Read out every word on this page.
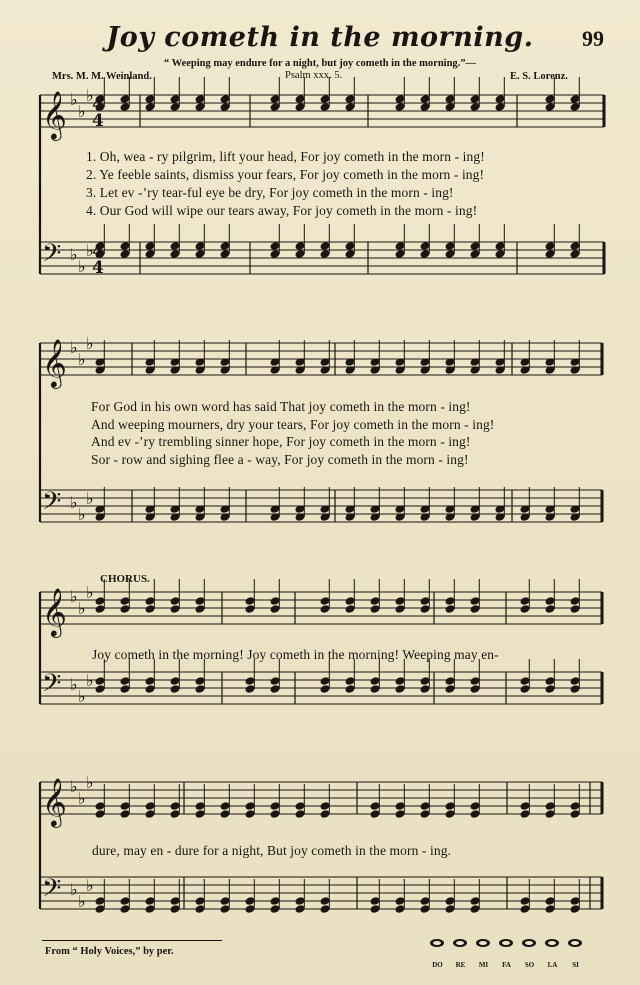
Joy cometh in the morning.	99
“ Weeping may endure for a night, but joy cometh in the morning.”—
Mrs. M. M. Weinland.	Psalm xxx. 5.	E. S. Lorenz.
𝄞 ♭
♭
♭
𝄢 ♭
♭
♭
𝄞 ♭
♭
♭
𝄢 ♭
♭
♭
𝄞 ♭
♭
♭
𝄢 ♭
♭
♭
𝄞 ♭
♭
♭
𝄢 ♭
♭
♭
4
4
4
4
1. Oh, wea - ry pilgrim, lift your head, For joy cometh in the morn - ing!
2. Ye feeble saints, dismiss your fears, For joy cometh in the morn - ing!
3. Let ev -’ry tear-ful eye be dry, For joy cometh in the morn - ing!
4. Our God will wipe our tears away, For joy cometh in the morn - ing!
For God in his own word has said That joy cometh in the morn - ing!
And weeping mourners, dry your tears, For joy cometh in the morn - ing!
And ev -’ry trembling sinner hope, For joy cometh in the morn - ing!
Sor - row and sighing flee a - way, For joy cometh in the morn - ing!
CHORUS.
Joy cometh in the morning! Joy cometh in the morning! Weeping may en-
dure, may en - dure for a night, But joy cometh in the morn - ing.
From “ Holy Voices,” by per.
DO RE MI FA SO LA SI
